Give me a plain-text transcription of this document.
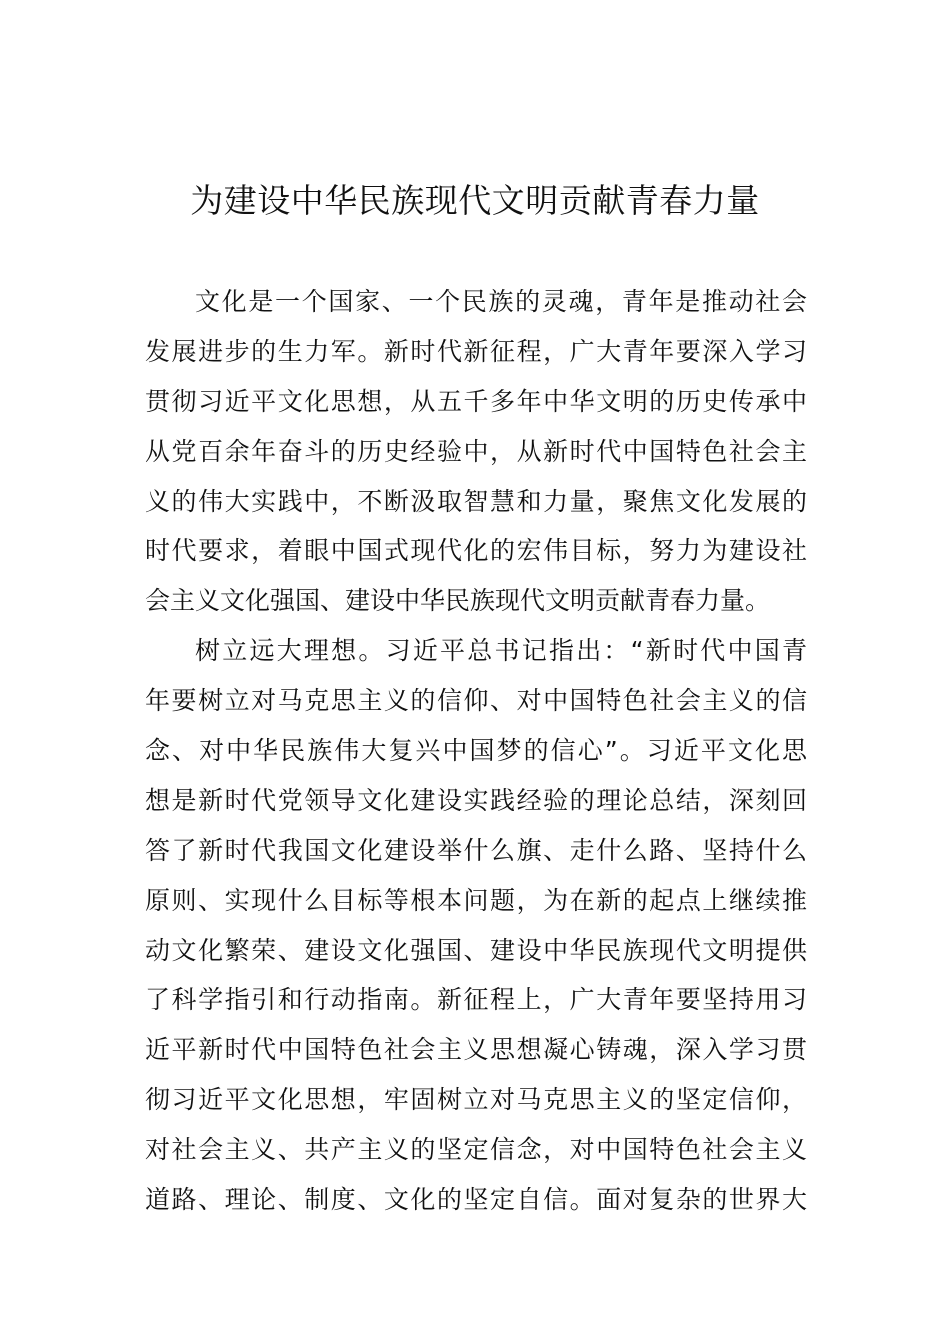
为建设中华民族现代文明贡献青春力量
文化是一个国家、一个民族的灵魂，青年是推动社会
发展进步的生力军。新时代新征程，广大青年要深入学习
贯彻习近平文化思想，从五千多年中华文明的历史传承中
从党百余年奋斗的历史经验中，从新时代中国特色社会主
义的伟大实践中，不断汲取智慧和力量，聚焦文化发展的
时代要求，着眼中国式现代化的宏伟目标，努力为建设社
会主义文化强国、建设中华民族现代文明贡献青春力量。
树立远大理想。习近平总书记指出：“新时代中国青
年要树立对马克思主义的信仰、对中国特色社会主义的信
念、对中华民族伟大复兴中国梦的信心”。习近平文化思
想是新时代党领导文化建设实践经验的理论总结，深刻回
答了新时代我国文化建设举什么旗、走什么路、坚持什么
原则、实现什么目标等根本问题，为在新的起点上继续推
动文化繁荣、建设文化强国、建设中华民族现代文明提供
了科学指引和行动指南。新征程上，广大青年要坚持用习
近平新时代中国特色社会主义思想凝心铸魂，深入学习贯
彻习近平文化思想，牢固树立对马克思主义的坚定信仰，
对社会主义、共产主义的坚定信念，对中国特色社会主义
道路、理论、制度、文化的坚定自信。面对复杂的世界大
